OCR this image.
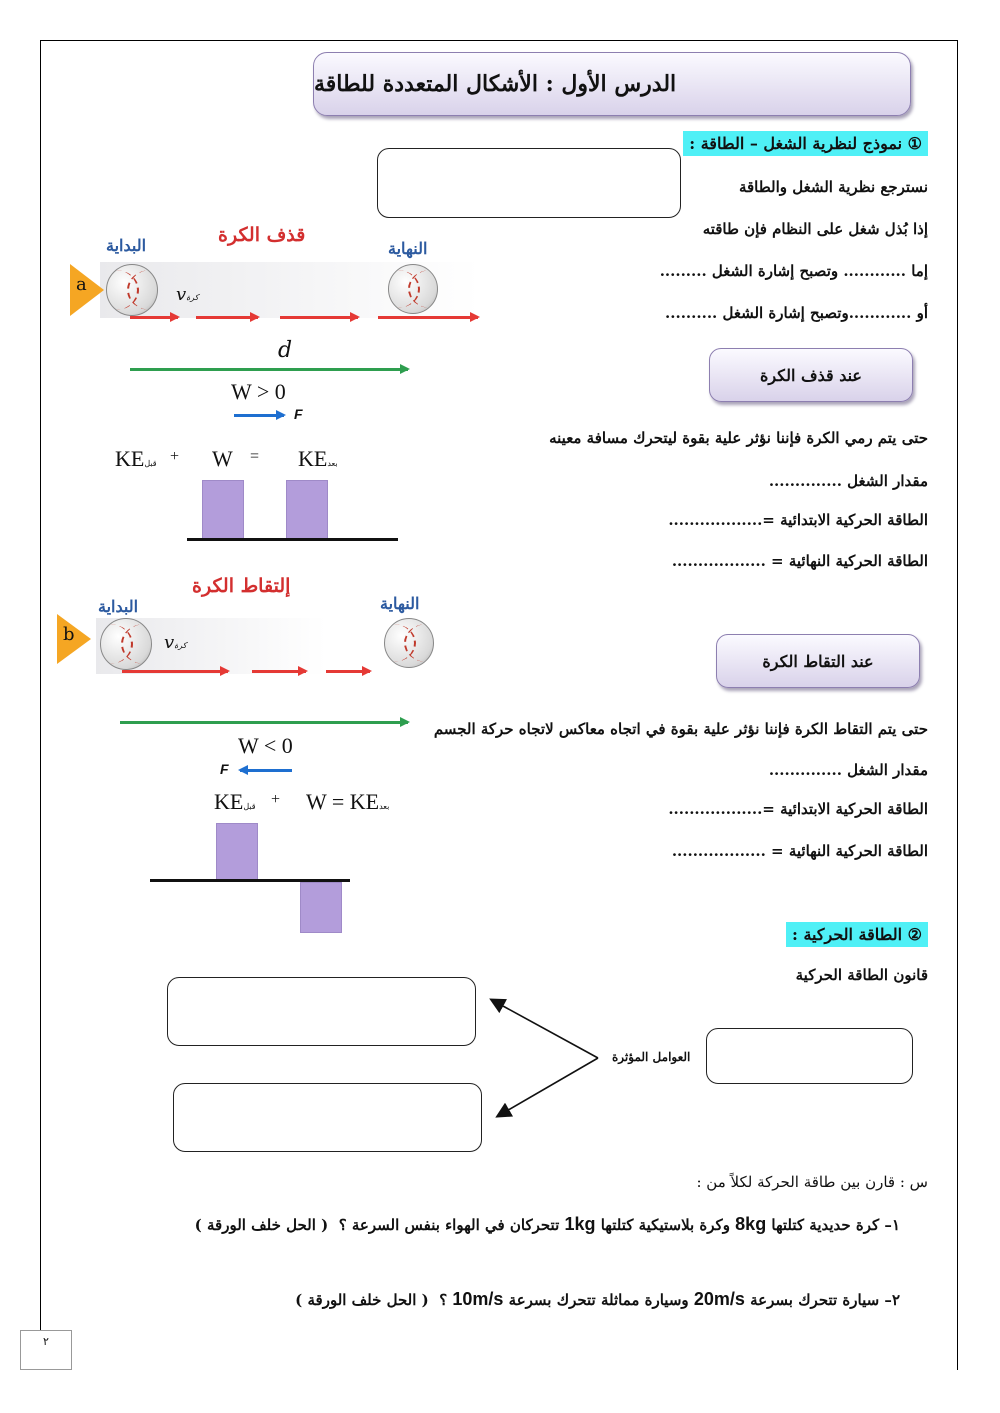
الدرس الأول : الأشكال المتعددة للطاقة
① نموذج لنظرية الشغل – الطاقة :
نسترجع نظرية الشغل والطاقة
إذا بُذل شغل على النظام فإن طاقته
إما ............ وتصبح إشارة الشغل .........
أو ............وتصبح إشارة الشغل ..........
قذف الكرة
البداية	النهاية
a	vكرة
d
W > 0
F
KEقبل + W = KEبعد
عند قذف الكرة
حتى يتم رمي الكرة فإننا نؤثر علية بقوة ليتحرك مسافة معينه
مقدار الشغل ..............
الطاقة الحركية الابتدائية =..................
الطاقة الحركية النهائية = ..................
إلتقاط الكرة
البداية	النهاية
b	vكرة
W < 0
F
KEقبل + W = KEبعد
عند التقاط الكرة
حتى يتم التقاط الكرة فإننا نؤثر علية بقوة في اتجاه معاكس لاتجاه حركة الجسم
مقدار الشغل ..............
الطاقة الحركية الابتدائية =..................
الطاقة الحركية النهائية = ..................
② الطاقة الحركية :
قانون الطاقة الحركية
العوامل المؤثرة
س : قارن بين طاقة الحركة لكلاً من :
١– كرة حديدية كتلتها 8kg وكرة بلاستيكية كتلتها 1kg تتحركان في الهواء بنفس السرعة ؟  ( الحل خلف الورقة )
٢– سيارة تتحرك بسرعة 20m/s وسيارة مماثلة تتحرك بسرعة 10m/s ؟  ( الحل خلف الورقة )
٢
